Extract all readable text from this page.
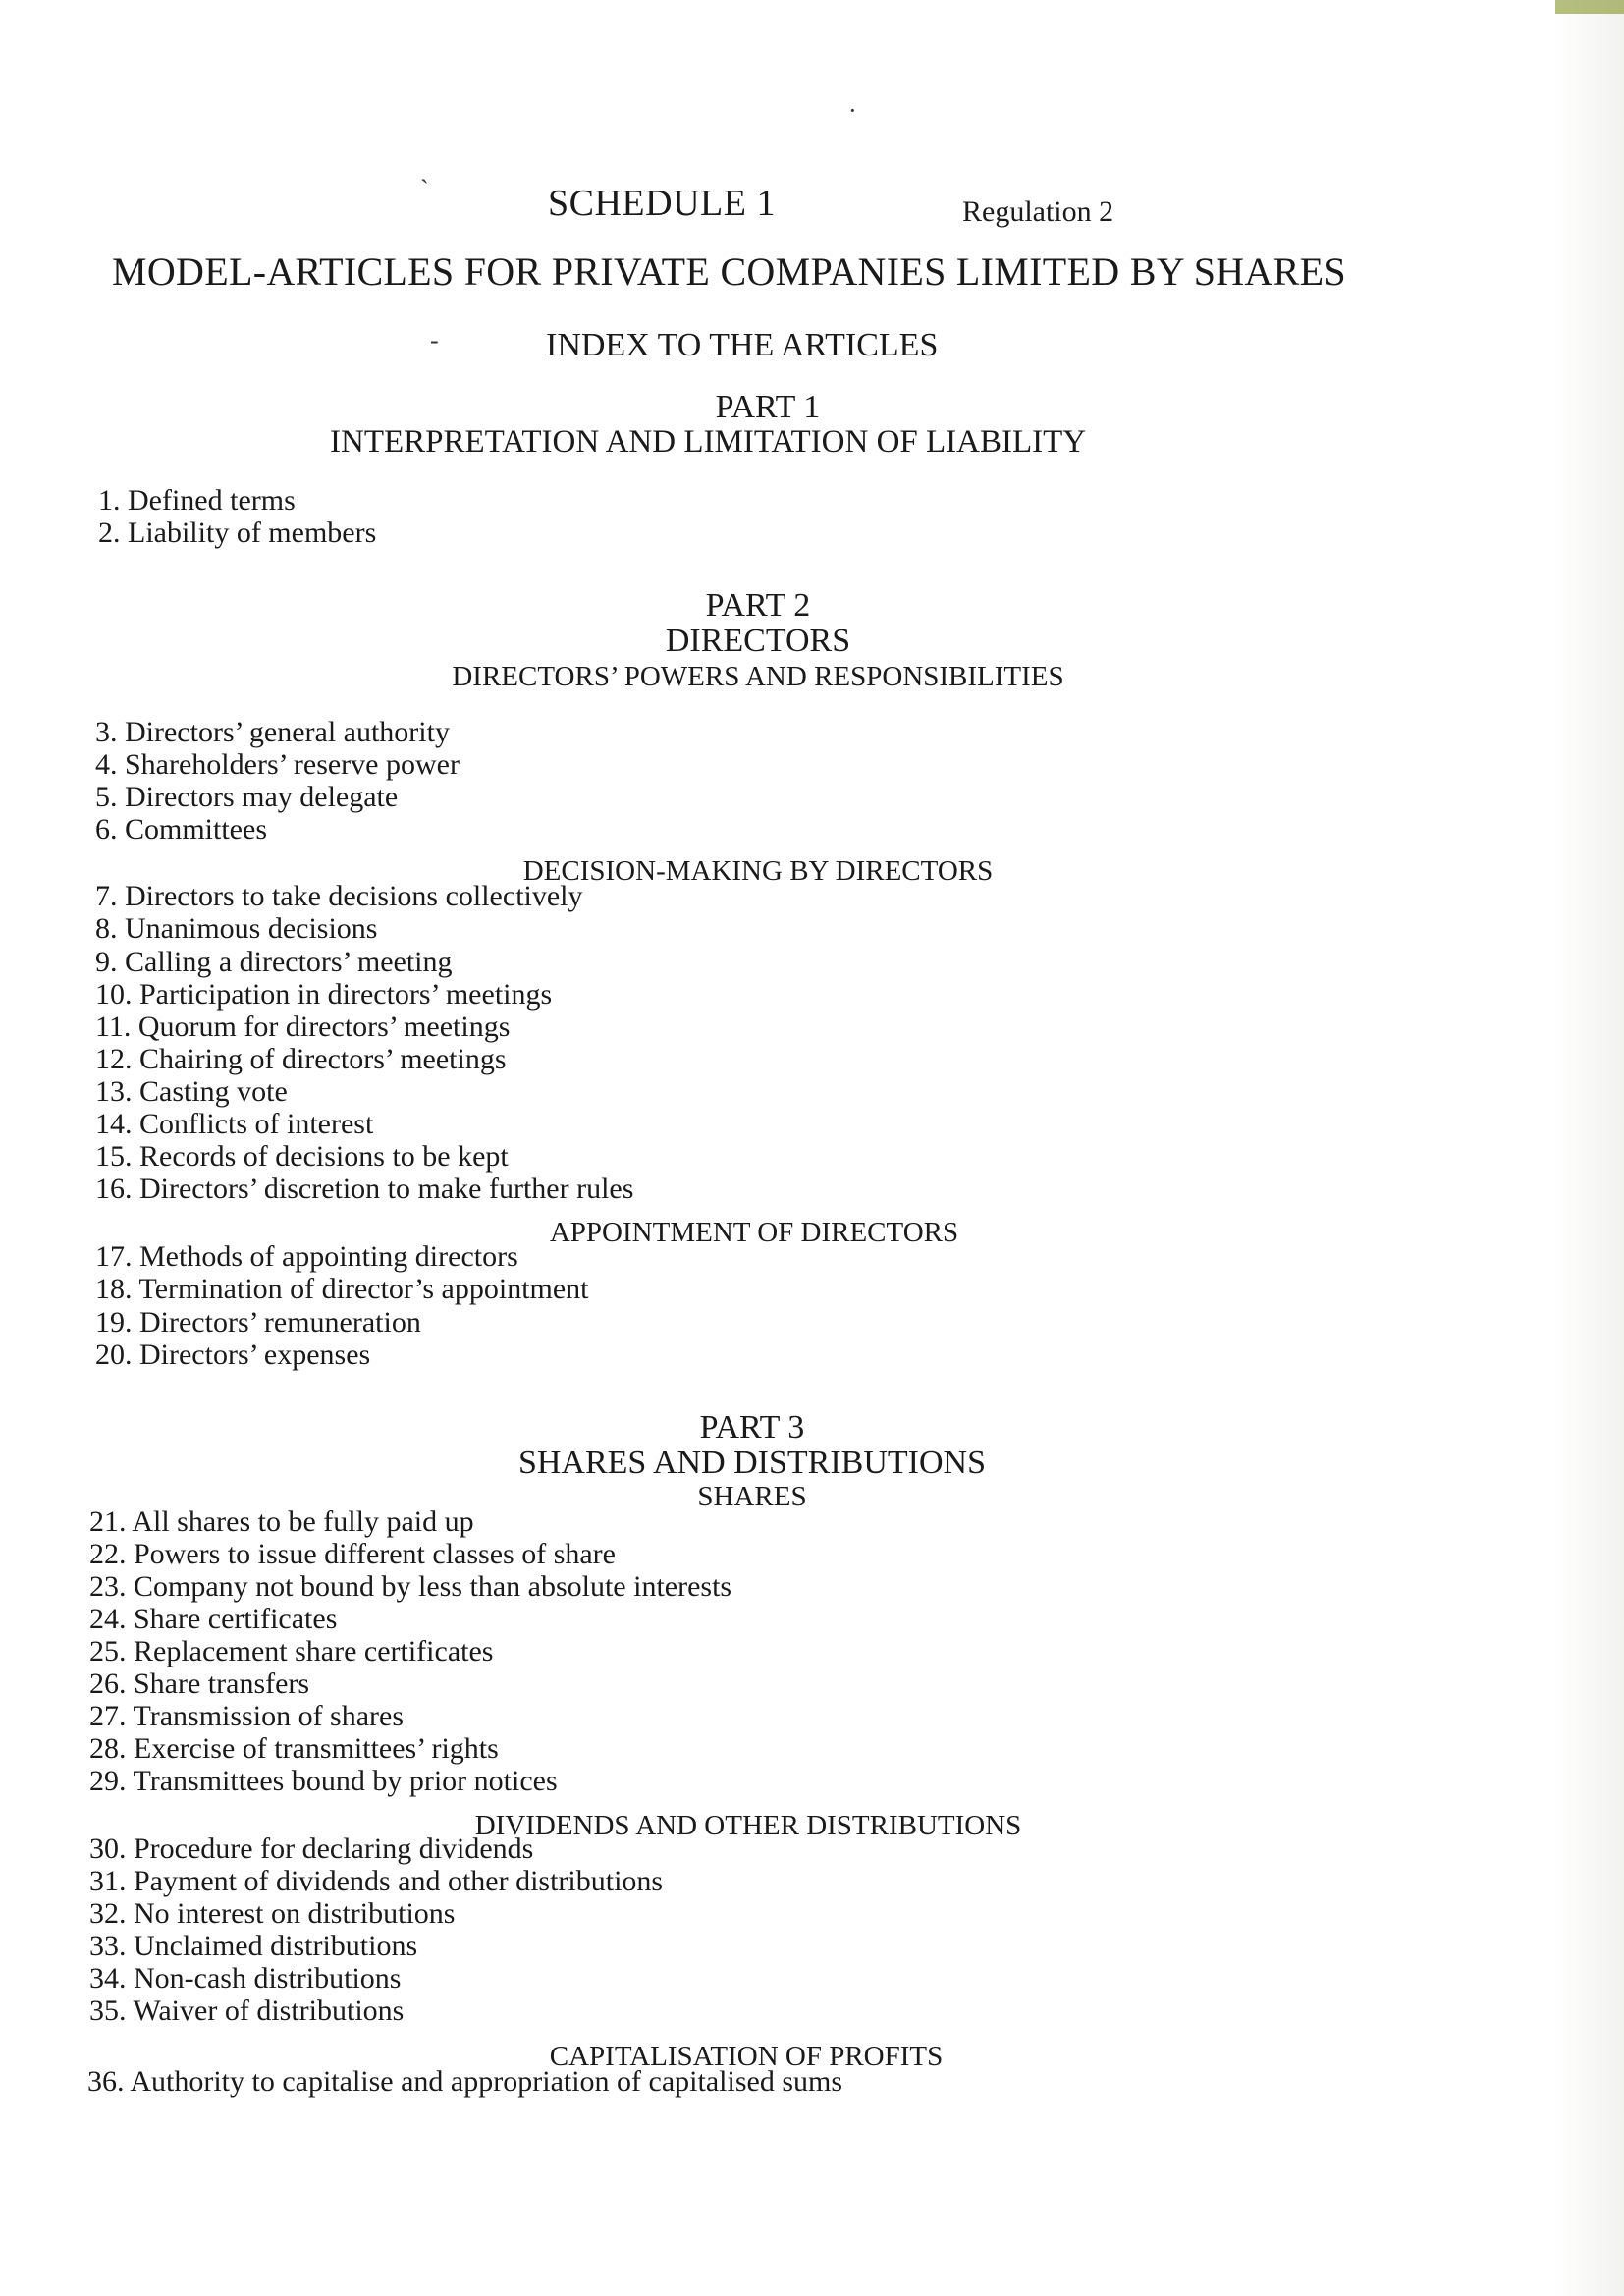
·
`
-
SCHEDULE 1	Regulation 2
MODEL-ARTICLES FOR PRIVATE COMPANIES LIMITED BY SHARES
INDEX TO THE ARTICLES
PART 1
INTERPRETATION AND LIMITATION OF LIABILITY
1. Defined terms
2. Liability of members
PART 2
DIRECTORS
DIRECTORS’ POWERS AND RESPONSIBILITIES
3. Directors’ general authority
4. Shareholders’ reserve power
5. Directors may delegate
6. Committees
DECISION-MAKING BY DIRECTORS
7. Directors to take decisions collectively
8. Unanimous decisions
9. Calling a directors’ meeting
10. Participation in directors’ meetings
11. Quorum for directors’ meetings
12. Chairing of directors’ meetings
13. Casting vote
14. Conflicts of interest
15. Records of decisions to be kept
16. Directors’ discretion to make further rules
APPOINTMENT OF DIRECTORS
17. Methods of appointing directors
18. Termination of director’s appointment
19. Directors’ remuneration
20. Directors’ expenses
PART 3
SHARES AND DISTRIBUTIONS
SHARES
21. All shares to be fully paid up
22. Powers to issue different classes of share
23. Company not bound by less than absolute interests
24. Share certificates
25. Replacement share certificates
26. Share transfers
27. Transmission of shares
28. Exercise of transmittees’ rights
29. Transmittees bound by prior notices
DIVIDENDS AND OTHER DISTRIBUTIONS
30. Procedure for declaring dividends
31. Payment of dividends and other distributions
32. No interest on distributions
33. Unclaimed distributions
34. Non-cash distributions
35. Waiver of distributions
CAPITALISATION OF PROFITS
36. Authority to capitalise and appropriation of capitalised sums
